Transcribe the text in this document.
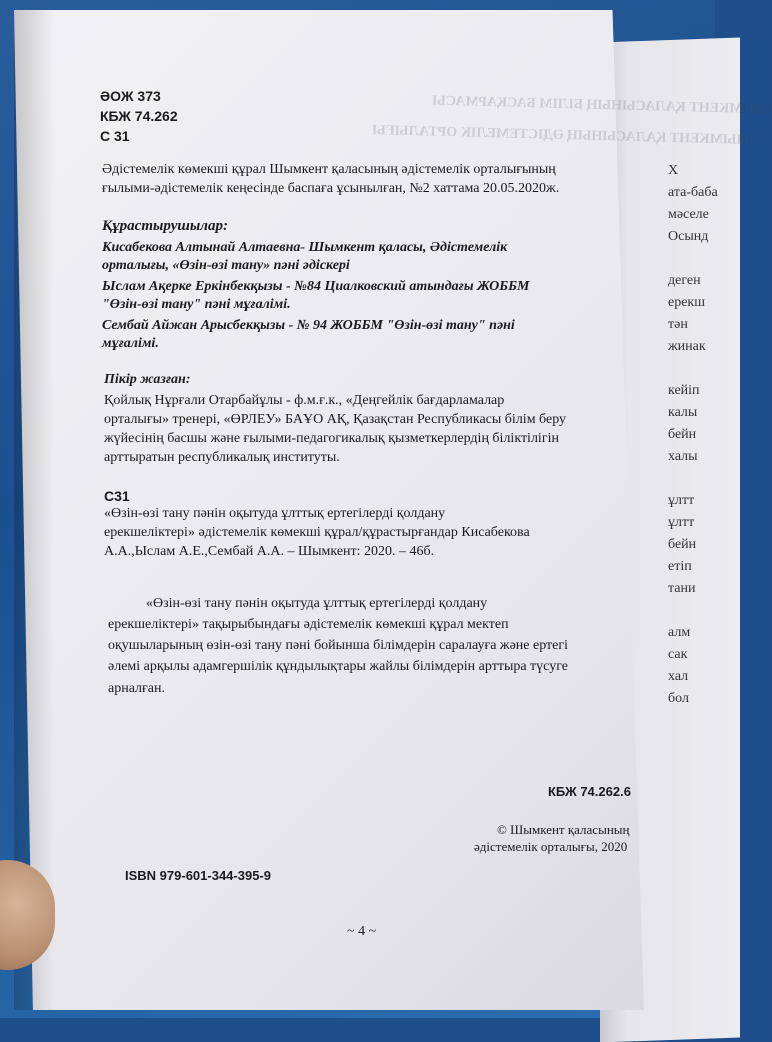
Х
ата-баба
мәселе
Осынд
деген
ерекш
тән
жинак
кейіп
калы
бейн
халы
ұлтт
ұлтт
бейн
етіп
тани
алм
сак
хал
бол
ШЫМКЕНТ ҚАЛАСЫНЫҢ БІЛІМ БАСҚАРМАСЫ
ШЫМКЕНТ ҚАЛАСЫНЫҢ ӘДІСТЕМЕЛІК ОРТАЛЫҒЫ
ӘОЖ 373
КБЖ 74.262
С 31
Әдістемелік көмекші құрал Шымкент қаласының әдістемелік орталығының
ғылыми-әдістемелік кеңесінде баспаға ұсынылған, №2 хаттама 20.05.2020ж.
Құрастырушылар:
Кисабекова Алтынай Алтаевна- Шымкент қаласы, Әдістемелік
орталығы, «Өзін-өзі тану» пәні әдіскері
Ыслам Ақерке Еркінбекқызы - №84 Циалковский атындағы ЖОББМ
"Өзін-өзі тану" пәні мұғалімі.
Сембай Айжан Арысбекқызы - № 94 ЖОББМ "Өзін-өзі тану" пәні
мұғалімі.
Пікір жазған:
Қойлық Нұрғали Отарбайұлы - ф.м.ғ.к., «Деңгейлік бағдарламалар
орталығы» тренері, «ӨРЛЕУ» БАҰО АҚ, Қазақстан Республикасы білім беру
жүйесінің басшы және ғылыми-педагогикалық қызметкерлердің біліктілігін
арттыратын республикалық институты.
С31
«Өзін-өзі тану пәнін оқытуда ұлттық ертегілерді қолдану
ерекшеліктері» әдістемелік көмекші құрал/құрастырғандар Кисабекова
А.А.,Ыслам А.Е.,Сембай А.А. – Шымкент: 2020. – 46б.
«Өзін-өзі тану пәнін оқытуда ұлттық ертегілерді қолдану
ерекшеліктері» тақырыбындағы әдістемелік көмекші құрал мектеп
оқушыларының өзін-өзі тану пәні бойынша білімдерін саралауға және ертегі
әлемі арқылы адамгершілік құндылықтары жайлы білімдерін арттыра түсуге
арналған.
КБЖ 74.262.6
© Шымкент қаласының
әдістемелік орталығы, 2020
ISBN 979-601-344-395-9
~ 4 ~
